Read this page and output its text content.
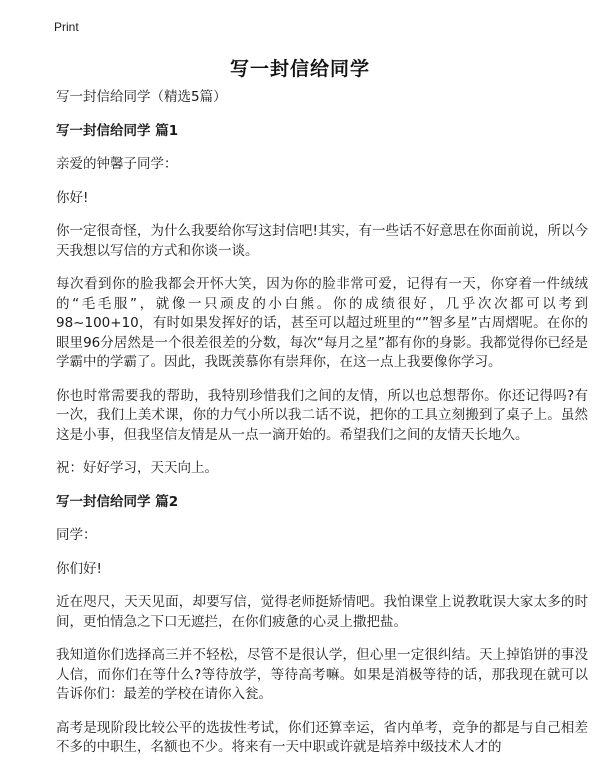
Print
写一封信给同学

写一封信给同学（精选5篇）

写一封信给同学 篇1

亲爱的钟馨子同学：

你好!

你一定很奇怪，为什么我要给你写这封信吧!其实，有一些话不好意思在你面前说，所以今天我想以写信的方式和你谈一谈。

每次看到你的脸我都会开怀大笑，因为你的脸非常可爱，记得有一天，你穿着一件绒绒的“毛毛服”，就像一只顽皮的小白熊。你的成绩很好，几乎次次都可以考到98~100+10，有时如果发挥好的话，甚至可以超过班里的“”智多星”古周熠呢。在你的眼里96分居然是一个很差很差的分数，每次“每月之星”都有你的身影。我都觉得你已经是学霸中的学霸了。因此，我既羡慕你有崇拜你，在这一点上我要像你学习。

你也时常需要我的帮助，我特别珍惜我们之间的友情，所以也总想帮你。你还记得吗?有一次，我们上美术课，你的力气小所以我二话不说，把你的工具立刻搬到了桌子上。虽然这是小事，但我坚信友情是从一点一滴开始的。希望我们之间的友情天长地久。

祝：好好学习，天天向上。

写一封信给同学 篇2

同学：

你们好!

近在咫尺，天天见面，却要写信，觉得老师挺矫情吧。我怕课堂上说教耽误大家太多的时间，更怕情急之下口无遮拦，在你们疲惫的心灵上撒把盐。

我知道你们选择高三并不轻松，尽管不是很认学，但心里一定很纠结。天上掉馅饼的事没人信，而你们在等什么?等待放学，等待高考嘛。如果是消极等待的话，那我现在就可以告诉你们：最差的学校在请你入瓮。

高考是现阶段比较公平的选拔性考试，你们还算幸运，省内单考，竞争的都是与自己相差不多的中职生，名额也不少。将来有一天中职或许就是培养中级技术人才的
